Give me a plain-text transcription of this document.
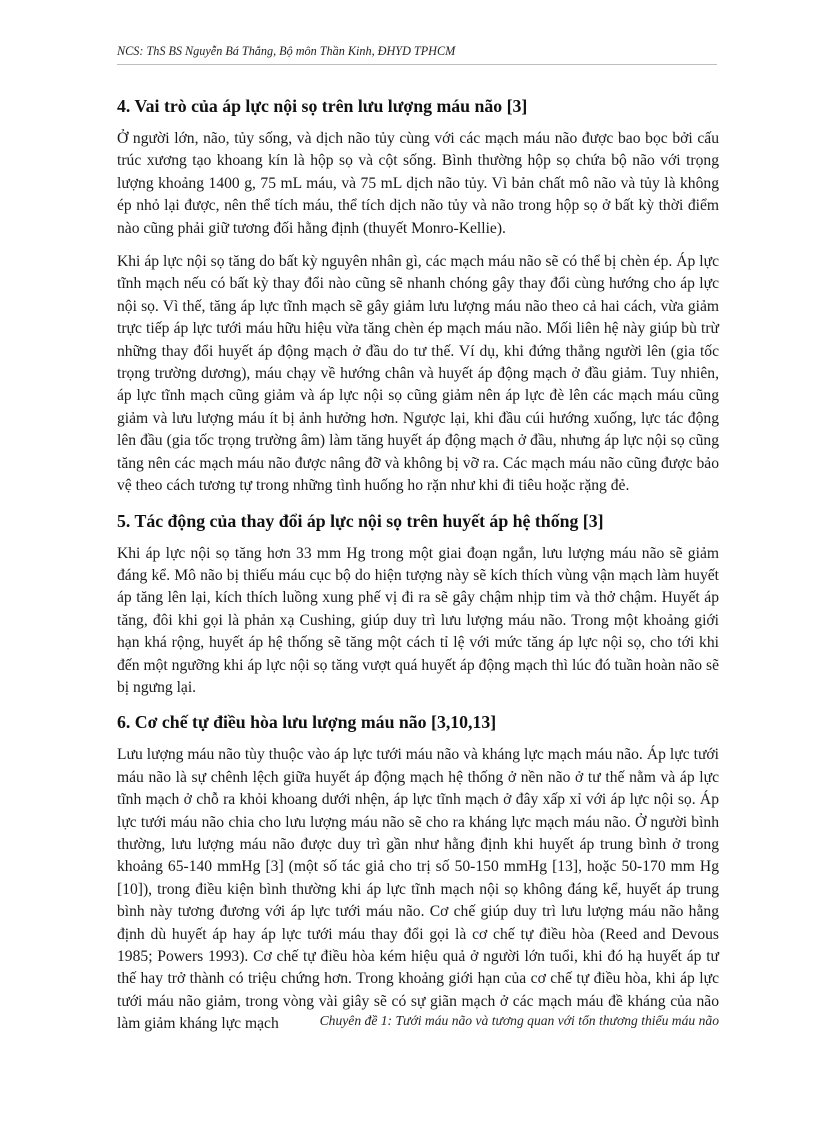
NCS: ThS BS Nguyễn Bá Thắng, Bộ môn Thần Kinh, ĐHYD TPHCM
4. Vai trò của áp lực nội sọ trên lưu lượng máu não [3]

Ở người lớn, não, tủy sống, và dịch não tủy cùng với các mạch máu não được bao bọc bởi cấu trúc xương tạo khoang kín là hộp sọ và cột sống. Bình thường hộp sọ chứa bộ não với trọng lượng khoảng 1400 g, 75 mL máu, và 75 mL dịch não tủy. Vì bản chất mô não và tủy là không ép nhỏ lại được, nên thể tích máu, thể tích dịch não tủy và não trong hộp sọ ở bất kỳ thời điểm nào cũng phải giữ tương đối hằng định (thuyết Monro-Kellie).

Khi áp lực nội sọ tăng do bất kỳ nguyên nhân gì, các mạch máu não sẽ có thể bị chèn ép. Áp lực tĩnh mạch nếu có bất kỳ thay đổi nào cũng sẽ nhanh chóng gây thay đổi cùng hướng cho áp lực nội sọ. Vì thế, tăng áp lực tĩnh mạch sẽ gây giảm lưu lượng máu não theo cả hai cách, vừa giảm trực tiếp áp lực tưới máu hữu hiệu vừa tăng chèn ép mạch máu não. Mối liên hệ này giúp bù trừ những thay đổi huyết áp động mạch ở đầu do tư thế. Ví dụ, khi đứng thẳng người lên (gia tốc trọng trường dương), máu chạy về hướng chân và huyết áp động mạch ở đầu giảm. Tuy nhiên, áp lực tĩnh mạch cũng giảm và áp lực nội sọ cũng giảm nên áp lực đè lên các mạch máu cũng giảm và lưu lượng máu ít bị ảnh hưởng hơn. Ngược lại, khi đầu cúi hướng xuống, lực tác động lên đầu (gia tốc trọng trường âm) làm tăng huyết áp động mạch ở đầu, nhưng áp lực nội sọ cũng tăng nên các mạch máu não được nâng đỡ và không bị vỡ ra. Các mạch máu não cũng được bảo vệ theo cách tương tự trong những tình huống ho rặn như khi đi tiêu hoặc rặng đẻ.

5. Tác động của thay đổi áp lực nội sọ trên huyết áp hệ thống [3]

Khi áp lực nội sọ tăng hơn 33 mm Hg trong một giai đoạn ngắn, lưu lượng máu não sẽ giảm đáng kể. Mô não bị thiếu máu cục bộ do hiện tượng này sẽ kích thích vùng vận mạch làm huyết áp tăng lên lại, kích thích luồng xung phế vị đi ra sẽ gây chậm nhịp tim và thở chậm. Huyết áp tăng, đôi khi gọi là phản xạ Cushing, giúp duy trì lưu lượng máu não. Trong một khoảng giới hạn khá rộng, huyết áp hệ thống sẽ tăng một cách tỉ lệ với mức tăng áp lực nội sọ, cho tới khi đến một ngưỡng khi áp lực nội sọ tăng vượt quá huyết áp động mạch thì lúc đó tuần hoàn não sẽ bị ngưng lại.

6. Cơ chế tự điều hòa lưu lượng máu não [3,10,13]

Lưu lượng máu não tùy thuộc vào áp lực tưới máu não và kháng lực mạch máu não. Áp lực tưới máu não là sự chênh lệch giữa huyết áp động mạch hệ thống ở nền não ở tư thế nằm và áp lực tĩnh mạch ở chỗ ra khỏi khoang dưới nhện, áp lực tĩnh mạch ở đây xấp xỉ với áp lực nội sọ. Áp lực tưới máu não chia cho lưu lượng máu não sẽ cho ra kháng lực mạch máu não. Ở người bình thường, lưu lượng máu não được duy trì gần như hằng định khi huyết áp trung bình ở trong khoảng 65-140 mmHg [3] (một số tác giả cho trị số 50-150 mmHg [13], hoặc 50-170 mm Hg [10]), trong điều kiện bình thường khi áp lực tĩnh mạch nội sọ không đáng kể, huyết áp trung bình này tương đương với áp lực tưới máu não. Cơ chế giúp duy trì lưu lượng máu não hằng định dù huyết áp hay áp lực tưới máu thay đổi gọi là cơ chế tự điều hòa (Reed and Devous 1985; Powers 1993). Cơ chế tự điều hòa kém hiệu quả ở người lớn tuổi, khi đó hạ huyết áp tư thế hay trở thành có triệu chứng hơn. Trong khoảng giới hạn của cơ chế tự điều hòa, khi áp lực tưới máu não giảm, trong vòng vài giây sẽ có sự giãn mạch ở các mạch máu đề kháng của não làm giảm kháng lực mạch	Chuyên đề 1: Tưới máu não và tương quan với tổn thương thiếu máu não
